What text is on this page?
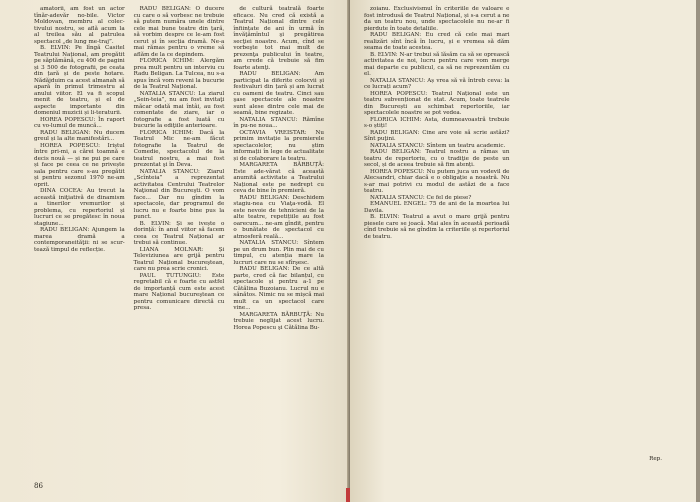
amatorii, am fost un actor tînăr-adevăr no-bile. Victor Moldovan, membru al colec-tivului nostru, se află acum la al treilea său al patrulea spectacol „de lung me-traj”.

B. ELVIN: Pe lîngă Casitel Teatrului Național, am pregătit pe săptămână, cu 400 de pagini și 3 500 de fotografii, pe ceata din țară și de peste hotare. Nădăjduim ca acest almanah să apară în primul trimestru al anului viitor. El va fi scopul menit de teatru, și el de aspecte importante din domeniul muzicii și li-teraturii.

HOREA POPESCU: În raport cu vo-lumul de muncă...

RADU BELIGAN: Nu ducem greul și la alte manifestări...

HOREA POPESCU: Iriștul între pri-mi, a cărei toamnă e decis nouă — și ne pui pe care și face pe ceea ce ne privește sala pentru care s-au pregătit și pentru sezonul 1970 ne-am oprit.

DINA COCEA: Au trecut la această iniţiativă de dinamism a tinerilor vremurilor și problema, cu repertoriul și lucruri ce se pregătesc în noua stagiune...

RADU BELIGAN: Ajungem la marea dramă a contemporaneităţii: ni se scur-tează timpul de reflecție.

RADU BELIGAN: O ducere cu care o să vorbesc ne trebuie să putem număra unele dintre cele mai bune teatre din țară, să vorbim despre ce le-am fost cerut și în secția dramă. Ne-a mai rămas pentru o vreme să aflăm de la ce depindem.

FLORICA ICHIM: Alergăm prea mult pentru un interviu cu Radu Beligan. La Tulcea, nu s-a spus încă vom reveni la bucurie de la Teatrul Național.

NATALIA STANCU: La ziarul „Sein-teia”, nu am fost invitaţi măcar odată mai întâi, au fost comentate de ziare, iar o fotografie a fost luată cu bucurie la ediţiile anterioare.

FLORICA ICHIM: Dacă la Teatrul Mic ne-am făcut fotografie la Teatrul de Comedie, spectacolul de la teatrul nostru, a mai fost prezentat şi în Deva.

NATALIA STANCU: Ziarul „Scînteia” a reprezentat activitatea Centrului Teatrelor Naţional din Bucureşti. O vom face... Dar nu gîndim la spectacole, dar programul de lucru nu e foarte bine pus la punct.

B. ELVIN: Și se ivește o dorință: în anul viitor să facem ceea ce Teatrul Național ar trebui să continue.

LIANA MOLNAR: Și Televiziunea are grijă pentru Teatrul Național bucureştean, care nu prea scrie cronici.

PAUL TUTUNGIU: Este regretabil că e foarte cu astfel de importanță cum este acest mare Național bucureştean ce pentru comunicare directă cu presa.

de cultură teatrală foarte eficace. Nu cred că există a Teatrul Național dintre cele înființate de ani în urmă în învăţămîntul şi pregătirea secţiei noastre. Acum, cînd se vorbeşte tot mai mult de prezenţa publicului în teatre, am crede că trebuie să fim foarte atenţi.

RADU BELIGAN: Am participat la diferite colocvii și festivaluri din țară și am lucrat cu oameni de teatru. Cinci sau şase spectacole ale noastre sunt alese dintre cele mai de seamă, bine regizate.

NATALIA STANCU: Rămîne în pu-ne noua...

OCTAVIA VREISTAR: Nu primim invitație la premierele spectacolelor, nu știm informații în lege de actualitate și de colaborare la teatru.

MARGARETA BĂRBUȚĂ: Este ade-vărat că această anumită activitate a Teatrului Național este pe nedrept cu ceva de bine în premieră.

RADU BELIGAN: Deschidem stagiu-nea cu Viaţa-vodă. El este nevoie de tehnicieni de la alte teatre, repetițiile au fost oarecum... ne-am gîndit, pentru o bunătate de spectacol cu atmosferă reală...

NATALIA STANCU: Sîntem pe un drum bun. Plin mai de cu timpul, cu atenția mare la lucruri care nu se sfîrşesc.

RADU BELIGAN: De ce altă parte, cred că fac bilanțul, cu spectacole și pentru a-1 pe Cătălina Buzoianu. Lucrul nu e sănătos. Nimic nu se mișcă mai mult ca un spectacol care vine...

MARGARETA BĂRBUŢĂ: Nu trebuie neglijat acest lucru. Horea Popescu şi Cătălina Bu-

86

zoianu. Exclusivismul în criteriile de valoare e fost introdusă de Teatrul Național, și s-a cerut a ne da un teatru nou, unde spectacolele nu ne-ar fi pierdute în toate detaliile.

RADU BELIGAN: Eu cred că cele mai mari realizări sînt încă în lucru, și e vremea să dăm seama de toate acestea.

B. ELVIN: N-ar trebui să lăsăm ca să se oprească activitatea de noi, lucru pentru care vom merge mai departe cu publicul, ca să ne reprezentăm cu el.

NATALIA STANCU: Aș vrea să vă întreb ceva: la ce lucrați acum?

HOREA POPESCU: Teatrul Național este un teatru subvenționat de stat. Acum, toate teatrele din București au schimbat repertoriile, iar spectacolele noastre se pot vedea.

FLORICA ICHIM: Asta, dumneavoastră trebuie s-o știți!

RADU BELIGAN: Cine are voie să scrie astăzi? Sînt puţini.

NATALIA STANCU: Sîntem un teatru academic.

RADU BELIGAN: Teatrul nostru a rămas un teatru de repertoriu, cu o tradiţie de peste un secol, și de aceea trebuie să fim atenți.

HOREA POPESCU: Nu putem juca un vodevil de Alecsandri, chiar dacă e o obligație a noastră. Nu s-ar mai potrivi cu modul de astăzi de a face teatru.

NATALIA STANCU: Ce fel de piese?

EMANUEL ENGEL: 75 de ani de la moartea lui Davila.

B. ELVIN: Teatrul a avut o mare grijă pentru piesele care se joacă. Mai ales în această perioadă cînd trebuie să ne gîndim la criteriile și repertoriul de teatru.

Rep.
